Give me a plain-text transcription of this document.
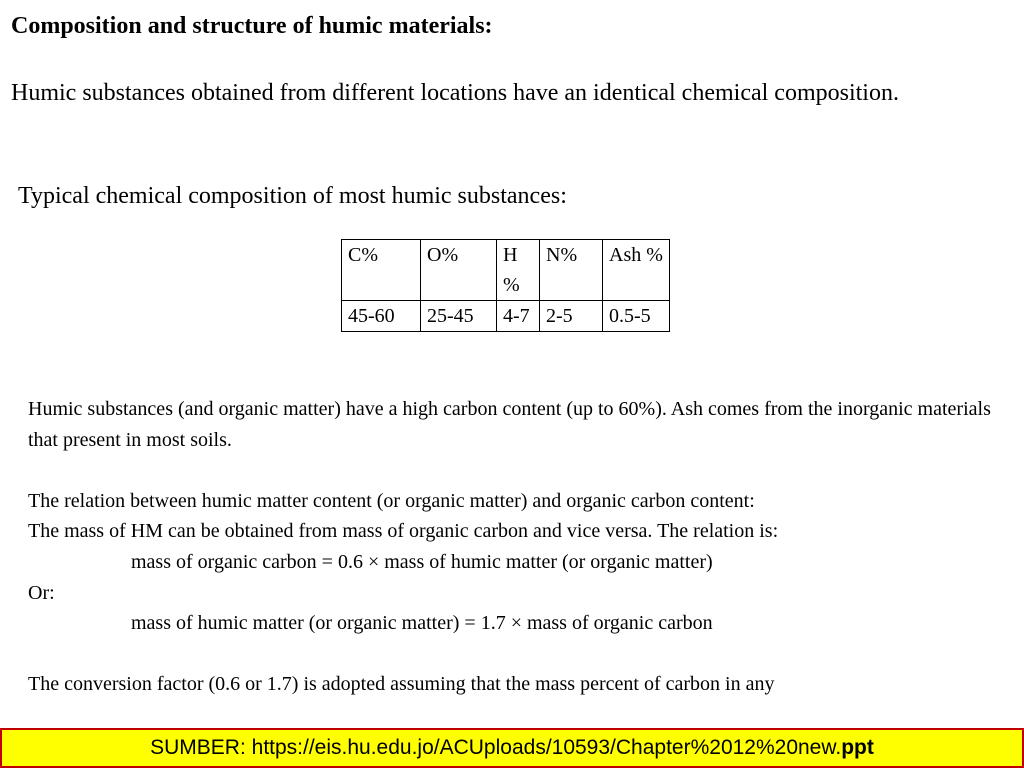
Composition and structure of humic materials:

Humic substances obtained from different locations have an identical chemical composition.

Typical chemical composition of most humic substances:

C%	O%	H %	N%	Ash %
45-60	25-45	4-7	2-5	0.5-5

Humic substances (and organic matter) have a high carbon content (up to 60%). Ash comes from the inorganic materials that present in most soils.

The relation between humic matter content (or organic matter) and organic carbon content:

The mass of HM can be obtained from mass of organic carbon and vice versa. The relation is:

mass of organic carbon = 0.6 × mass of humic matter (or organic matter)

Or:

mass of humic matter (or organic matter) = 1.7 × mass of organic carbon

The conversion factor (0.6 or 1.7) is adopted assuming that the mass percent of carbon in any

SUMBER: https://eis.hu.edu.jo/ACUploads/10593/Chapter%2012%20new.ppt
